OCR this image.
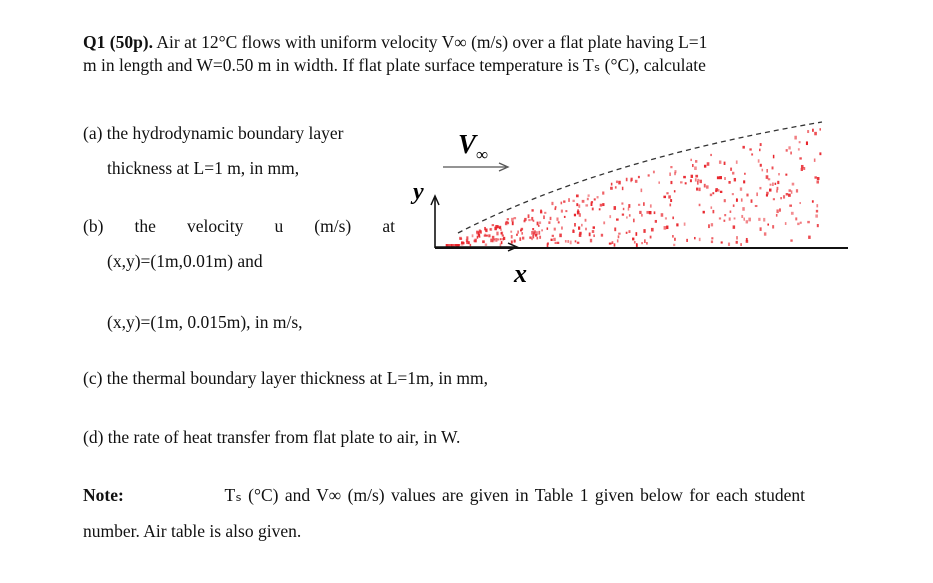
Q1 (50p). Air at 12°C flows with uniform velocity V∞ (m/s) over a flat plate having L=1
m in length and W=0.50 m in width. If flat plate surface temperature is Tₛ (°C), calculate
(a) the hydrodynamic boundary layer
thickness at L=1 m, in mm,
(b) the velocity u (m/s) at
(x,y)=(1m,0.01m) and
(x,y)=(1m, 0.015m), in m/s,
(c) the thermal boundary layer thickness at L=1m, in mm,
(d) the rate of heat transfer from flat plate to air, in W.
Note:
	Tₛ (°C) and V∞ (m/s) values are given in Table 1 given below for each student
number. Air table is also given.
V ∞
y
x
